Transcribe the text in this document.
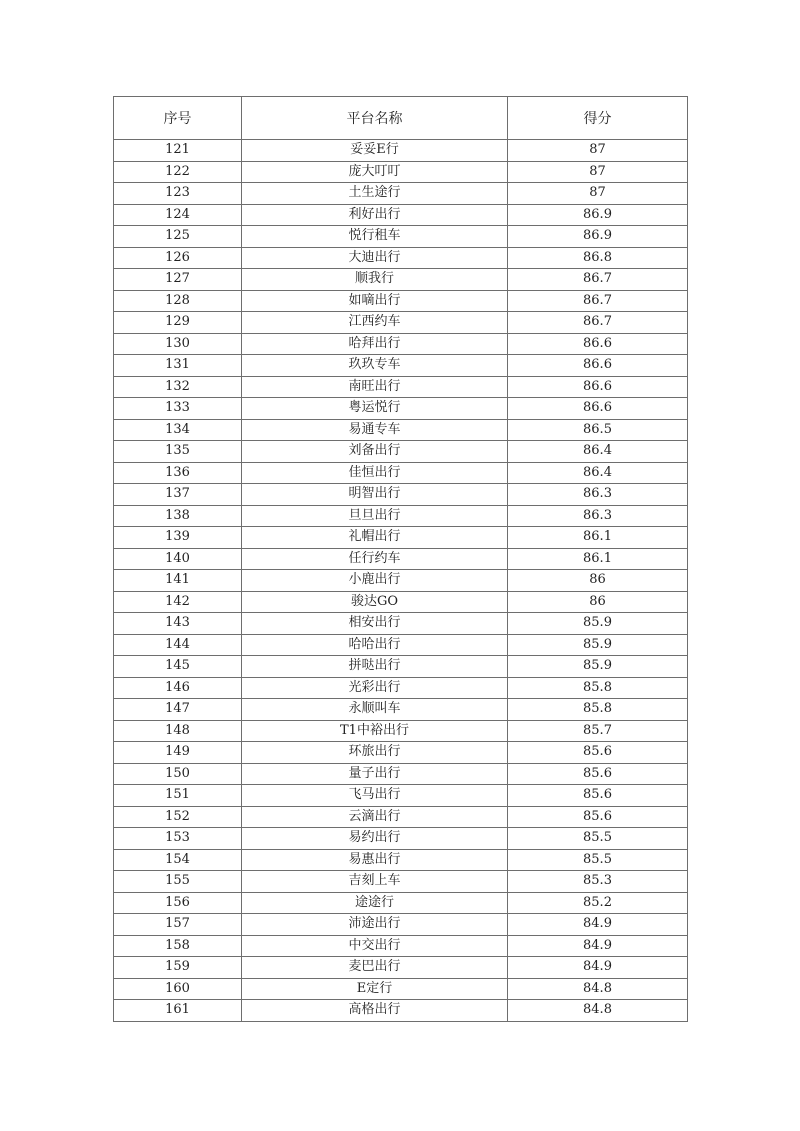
序号	平台名称	得分
121	妥妥E行	87
122	庞大叮叮	87
123	土生途行	87
124	利好出行	86.9
125	悦行租车	86.9
126	大迪出行	86.8
127	顺我行	86.7
128	如嘀出行	86.7
129	江西约车	86.7
130	哈拜出行	86.6
131	玖玖专车	86.6
132	南旺出行	86.6
133	粤运悦行	86.6
134	易通专车	86.5
135	刘备出行	86.4
136	佳恒出行	86.4
137	明智出行	86.3
138	旦旦出行	86.3
139	礼帽出行	86.1
140	任行约车	86.1
141	小鹿出行	86
142	骏达GO	86
143	相安出行	85.9
144	哈哈出行	85.9
145	拼哒出行	85.9
146	光彩出行	85.8
147	永顺叫车	85.8
148	T1中裕出行	85.7
149	环旅出行	85.6
150	量子出行	85.6
151	飞马出行	85.6
152	云滴出行	85.6
153	易约出行	85.5
154	易惠出行	85.5
155	吉刻上车	85.3
156	途途行	85.2
157	沛途出行	84.9
158	中交出行	84.9
159	麦巴出行	84.9
160	E定行	84.8
161	高格出行	84.8
